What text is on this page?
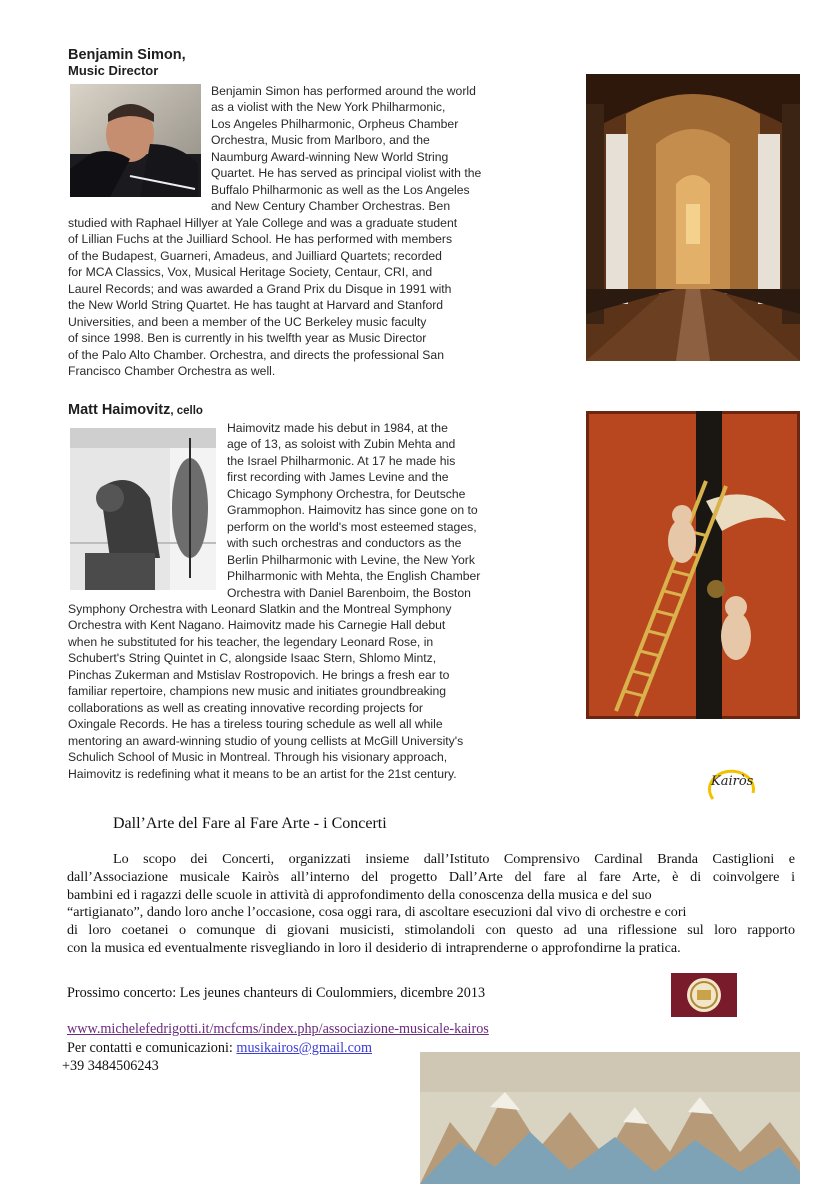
Benjamin Simon,
Music Director

Benjamin Simon has performed around the world

as a violist with the New York Philharmonic,

Los Angeles Philharmonic, Orpheus Chamber

Orchestra, Music from Marlboro, and the

Naumburg Award-winning New World String

Quartet. He has served as principal violist with the

Buffalo Philharmonic as well as the Los Angeles

and New Century Chamber Orchestras. Ben

studied with Raphael Hillyer at Yale College and was a graduate student

of Lillian Fuchs at the Juilliard School. He has performed with members

of the Budapest, Guarneri, Amadeus, and Juilliard Quartets; recorded

for MCA Classics, Vox, Musical Heritage Society, Centaur, CRI, and

Laurel Records; and was awarded a Grand Prix du Disque in 1991 with

the New World String Quartet. He has taught at Harvard and Stanford

Universities, and been a member of the UC Berkeley music faculty

of since 1998. Ben is currently in his twelfth year as Music Director

of the Palo Alto Chamber. Orchestra, and directs the professional San

Francisco Chamber Orchestra as well.

Matt Haimovitz, cello

Haimovitz made his debut in 1984, at the

age of 13, as soloist with Zubin Mehta and

the Israel Philharmonic. At 17 he made his

first recording with James Levine and the

Chicago Symphony Orchestra, for Deutsche

Grammophon. Haimovitz has since gone on to

perform on the world's most esteemed stages,

with such orchestras and conductors as the

Berlin Philharmonic with Levine, the New York

Philharmonic with Mehta, the English Chamber

Orchestra with Daniel Barenboim, the Boston

Symphony Orchestra with Leonard Slatkin and the Montreal Symphony

Orchestra with Kent Nagano. Haimovitz made his Carnegie Hall debut

when he substituted for his teacher, the legendary Leonard Rose, in

Schubert's String Quintet in C, alongside Isaac Stern, Shlomo Mintz,

Pinchas Zukerman and Mstislav Rostropovich. He brings a fresh ear to

familiar repertoire, champions new music and initiates groundbreaking

collaborations as well as creating innovative recording projects for

Oxingale Records. He has a tireless touring schedule as well all while

mentoring an award-winning studio of young cellists at McGill University's

Schulich School of Music in Montreal. Through his visionary approach,

Haimovitz is redefining what it means to be an artist for the 21st century.

Kairòs
Dall’Arte del Fare al Fare Arte - i Concerti
Lo scopo dei Concerti, organizzati insieme dall’Istituto Comprensivo Cardinal Branda Castiglioni e
dall’Associazione musicale Kairòs all’interno del progetto Dall’Arte del fare al fare Arte, è di coinvolgere i
bambini ed i ragazzi delle scuole in attività di approfondimento della conoscenza della musica e del suo
“artigianato”, dando loro anche l’occasione, cosa oggi rara, di ascoltare esecuzioni dal vivo di orchestre e cori
di loro coetanei o comunque di giovani musicisti, stimolandoli con questo ad una riflessione sul loro rapporto
con la musica ed eventualmente risvegliando in loro il desiderio di intraprenderne o approfondirne la pratica.
Prossimo concerto: Les jeunes chanteurs di Coulommiers, dicembre 2013
www.michelefedrigotti.it/mcfcms/index.php/associazione-musicale-kairos
Per contatti e comunicazioni: musikairos@gmail.com
+39 3484506243
